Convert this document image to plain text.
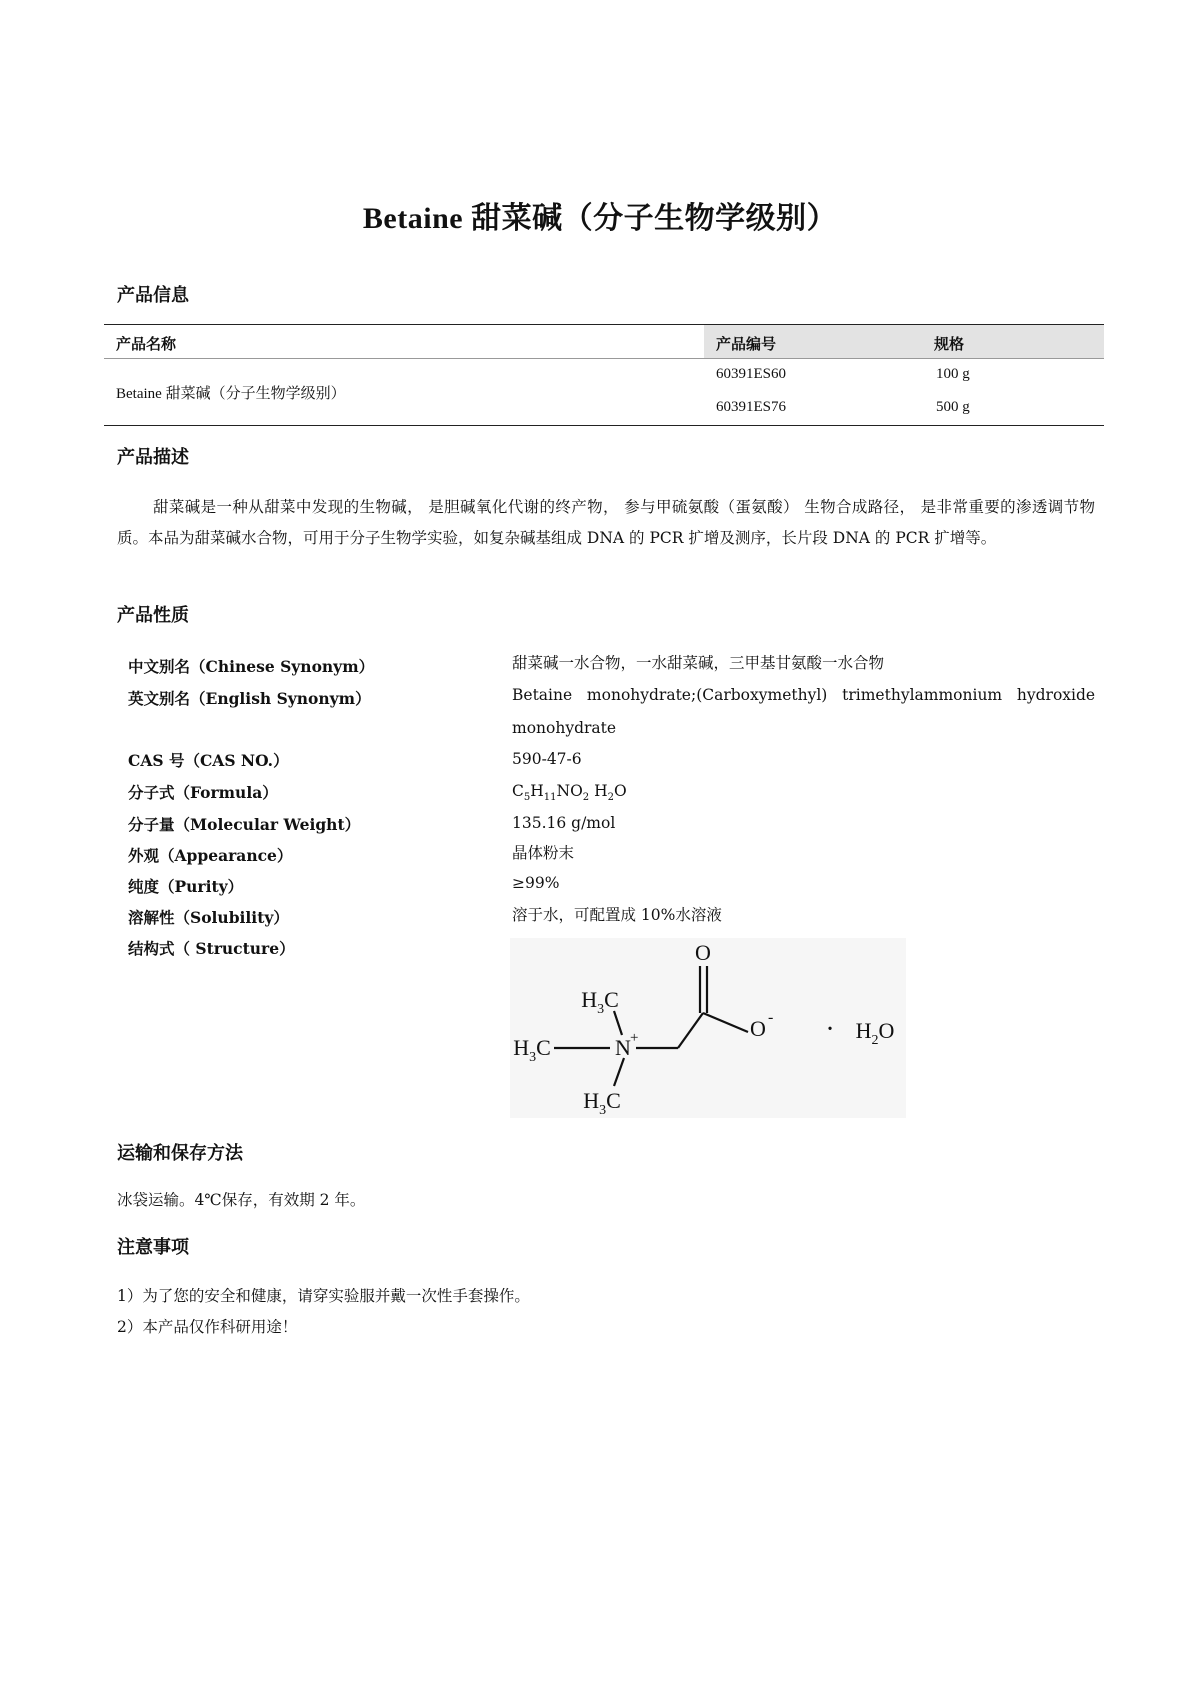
Betaine 甜菜碱（分子生物学级别）
产品信息
产品名称	产品编号	规格
Betaine 甜菜碱（分子生物学级别）
60391ES60	100 g
60391ES76	500 g
产品描述
甜菜碱是一种从甜菜中发现的生物碱， 是胆碱氧化代谢的终产物， 参与甲硫氨酸（蛋氨酸） 生物合成路径， 是非常重要的渗透调节物质。本品为甜菜碱水合物，可用于分子生物学实验，如复杂碱基组成 DNA 的 PCR 扩增及测序，长片段 DNA 的 PCR 扩增等。
产品性质
中文别名（Chinese Synonym）	甜菜碱一水合物，一水甜菜碱，三甲基甘氨酸一水合物
英文别名（English Synonym）	Betaine   monohydrate;(Carboxymethyl)   trimethylammonium   hydroxide
monohydrate
CAS 号（CAS NO.）	590-47-6
分子式（Formula）	$C_5H_{11}NO_2$ $H_2O$
分子量（Molecular Weight）	135.16 g/mol
外观（Appearance）	晶体粉末
纯度（Purity）	≥99%
溶解性（Solubility）	溶于水，可配置成 10%水溶液
结构式（ Structure）	O
O -
$H_3C$
$H_3C$
$H_3C$
N +	· $H_2O$
运输和保存方法
冰袋运输。4℃保存，有效期 2 年。
注意事项
1）为了您的安全和健康，请穿实验服并戴一次性手套操作。
2）本产品仅作科研用途！
